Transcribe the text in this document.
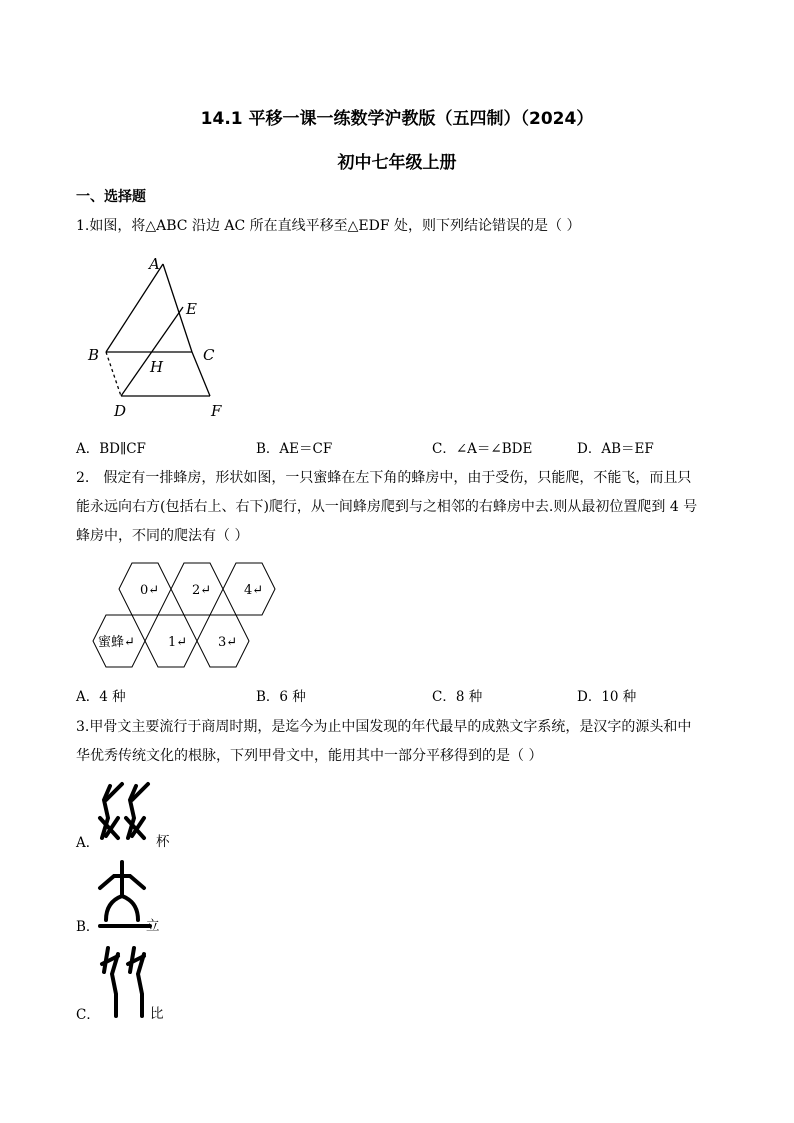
14.1 平移一课一练数学沪教版（五四制）（2024）
初中七年级上册
一、选择题
1.如图，将△ABC 沿边 AC 所在直线平移至△EDF 处，则下列结论错误的是（ ）
A
E
B	C
H
D	F
A．BD∥CF	B．AE＝CF	C．∠A＝∠BDE	D．AB＝EF
2.　假定有一排蜂房，形状如图，一只蜜蜂在左下角的蜂房中，由于受伤，只能爬，不能飞，而且只
能永远向右方(包括右上、右下)爬行，从一间蜂房爬到与之相邻的右蜂房中去.则从最初位置爬到 4 号
蜂房中，不同的爬法有（ ）
0↵	2↵	4↵
蜜蜂↵	1↵ 3↵
A．4 种	B．6 种	C．8 种	D．10 种
3.甲骨文主要流行于商周时期，是迄今为止中国发现的年代最早的成熟文字系统，是汉字的源头和中
华优秀传统文化的根脉，下列甲骨文中，能用其中一部分平移得到的是（ ）
A．	杯
B．	立
C．	比
